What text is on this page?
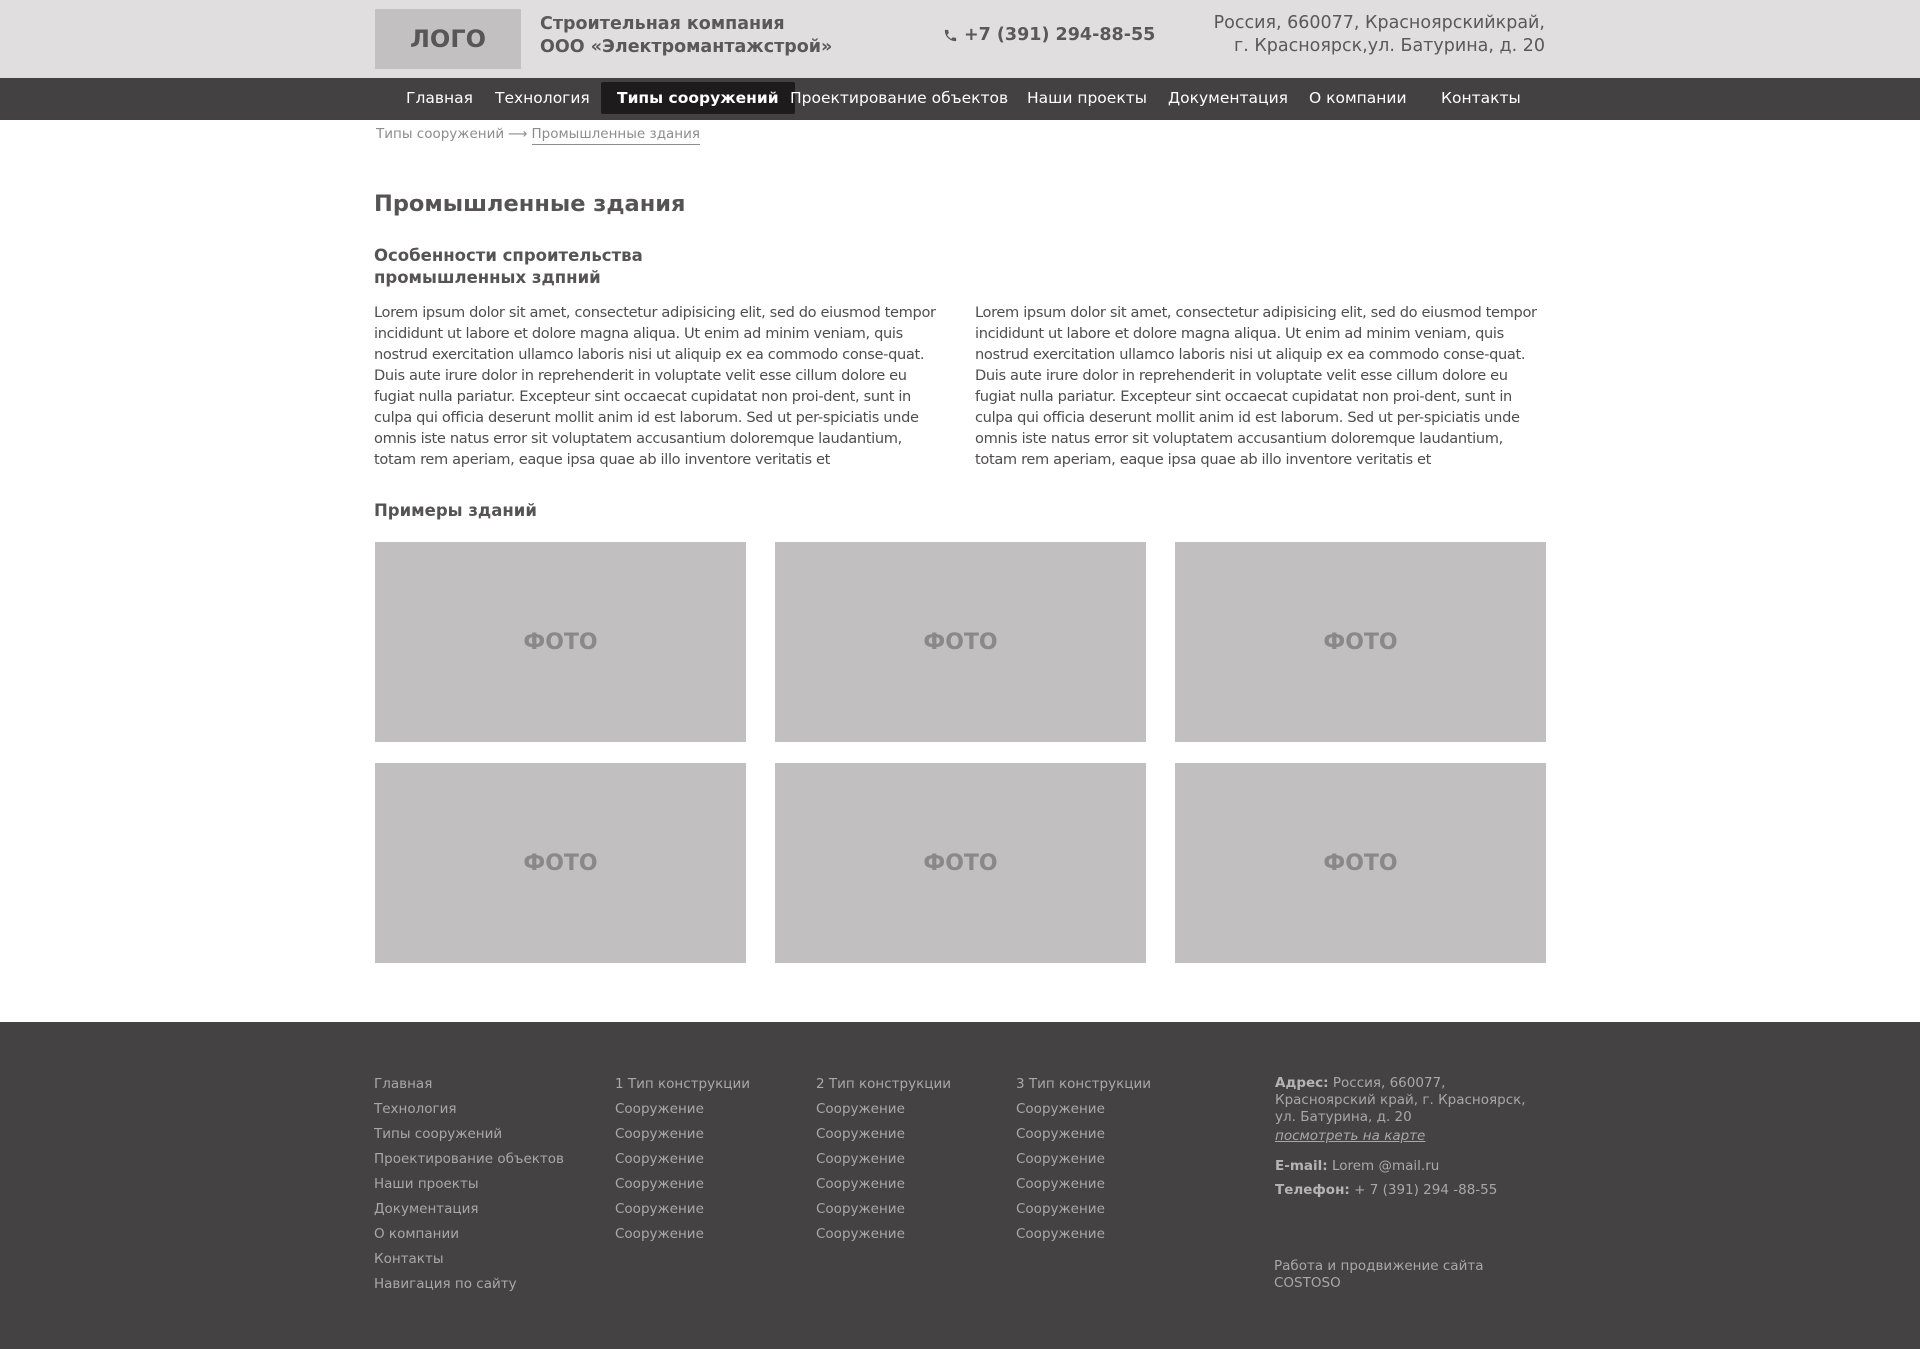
ЛОГО
Строительная компания
ООО «Электромантажстрой»
+7 (391) 294-88-55
Россия, 660077, Красноярскийкрай,
г. Красноярск,ул. Батурина, д. 20
Главная	Технология	Типы сооружений Проектирование объектов	Наши проекты	Документация	О компании	Контакты
Типы сооружений ⟶ Промышленные здания
Промышленные здания
Особенности спроительства
промышленных здпний

Lorem ipsum dolor sit amet, consectetur adipisicing elit, sed do eiusmod tempor incididunt ut labore et dolore magna aliqua. Ut enim ad minim veniam, quis nostrud exercitation ullamco laboris nisi ut aliquip ex ea commodo conse-quat. Duis aute irure dolor in reprehenderit in voluptate velit esse cillum dolore eu fugiat nulla pariatur. Excepteur sint occaecat cupidatat non proi-dent, sunt in culpa qui officia deserunt mollit anim id est laborum. Sed ut per-spiciatis unde omnis iste natus error sit voluptatem accusantium doloremque laudantium, totam rem aperiam, eaque ipsa quae ab illo inventore veritatis et

Lorem ipsum dolor sit amet, consectetur adipisicing elit, sed do eiusmod tempor incididunt ut labore et dolore magna aliqua. Ut enim ad minim veniam, quis nostrud exercitation ullamco laboris nisi ut aliquip ex ea commodo conse-quat. Duis aute irure dolor in reprehenderit in voluptate velit esse cillum dolore eu fugiat nulla pariatur. Excepteur sint occaecat cupidatat non proi-dent, sunt in culpa qui officia deserunt mollit anim id est laborum. Sed ut per-spiciatis unde omnis iste natus error sit voluptatem accusantium doloremque laudantium, totam rem aperiam, eaque ipsa quae ab illo inventore veritatis et

Примеры зданий
ФОТО	ФОТО	ФОТО
ФОТО	ФОТО	ФОТО
Главная
Технология
Типы сооружений
Проектирование объектов
Наши проекты
Документация
О компании
Контакты
Навигация по сайту
1 Тип конструкции
Сооружение
Сооружение
Сооружение
Сооружение
Сооружение
Сооружение
2 Тип конструкции
Сооружение
Сооружение
Сооружение
Сооружение
Сооружение
Сооружение
3 Тип конструкции
Сооружение
Сооружение
Сооружение
Сооружение
Сооружение
Сооружение
Адрес: Россия, 660077, Красноярский край, г. Красноярск, ул. Батурина, д. 20
посмотреть на карте
E-mail: Lorem @mail.ru
Телефон: + 7 (391) 294 -88-55
Работа и продвижение сайта
COSTOSO
